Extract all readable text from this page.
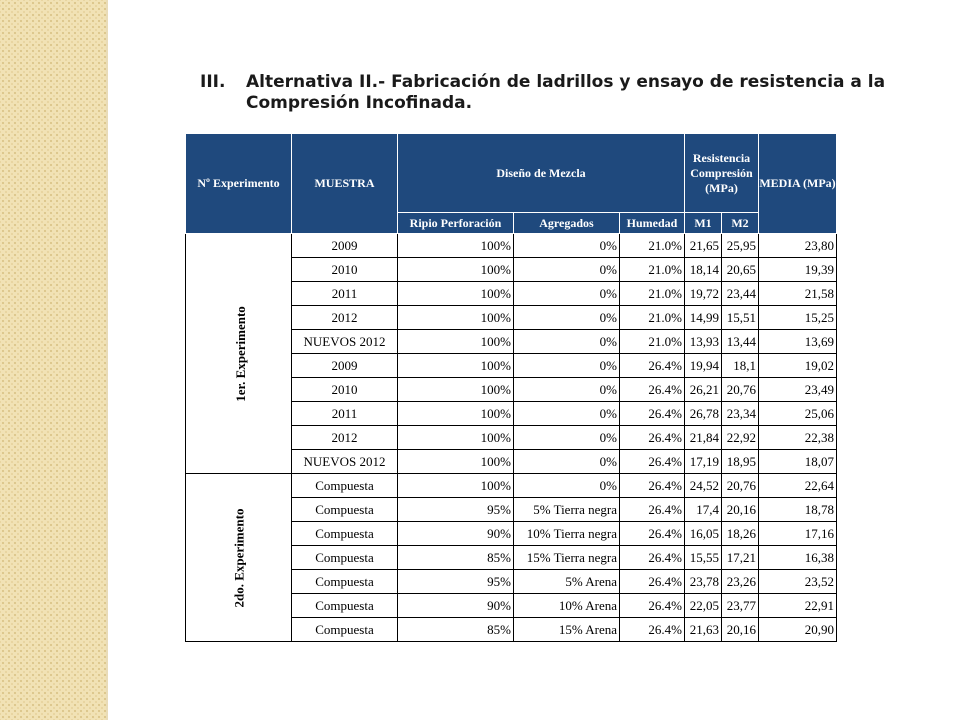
III. Alternativa II.- Fabricación de ladrillos y ensayo de resistencia a la Compresión Incofinada.
Nº Experimento	MUESTRA	Diseño de Mezcla			Resistencia Compresión (MPa)		MEDIA (MPa)
		Ripio Perforación	Agregados	Humedad	M1	M2	
1er. Experimento	2009	100%	0%	21.0%	21,65	25,95	23,80
	2010	100%	0%	21.0%	18,14	20,65	19,39
	2011	100%	0%	21.0%	19,72	23,44	21,58
	2012	100%	0%	21.0%	14,99	15,51	15,25
	NUEVOS 2012	100%	0%	21.0%	13,93	13,44	13,69
	2009	100%	0%	26.4%	19,94	18,1	19,02
	2010	100%	0%	26.4%	26,21	20,76	23,49
	2011	100%	0%	26.4%	26,78	23,34	25,06
	2012	100%	0%	26.4%	21,84	22,92	22,38
	NUEVOS 2012	100%	0%	26.4%	17,19	18,95	18,07
2do. Experimento	Compuesta	100%	0%	26.4%	24,52	20,76	22,64
	Compuesta	95%	5% Tierra negra	26.4%	17,4	20,16	18,78
	Compuesta	90%	10% Tierra negra	26.4%	16,05	18,26	17,16
	Compuesta	85%	15% Tierra negra	26.4%	15,55	17,21	16,38
	Compuesta	95%	5% Arena	26.4%	23,78	23,26	23,52
	Compuesta	90%	10% Arena	26.4%	22,05	23,77	22,91
	Compuesta	85%	15% Arena	26.4%	21,63	20,16	20,90
